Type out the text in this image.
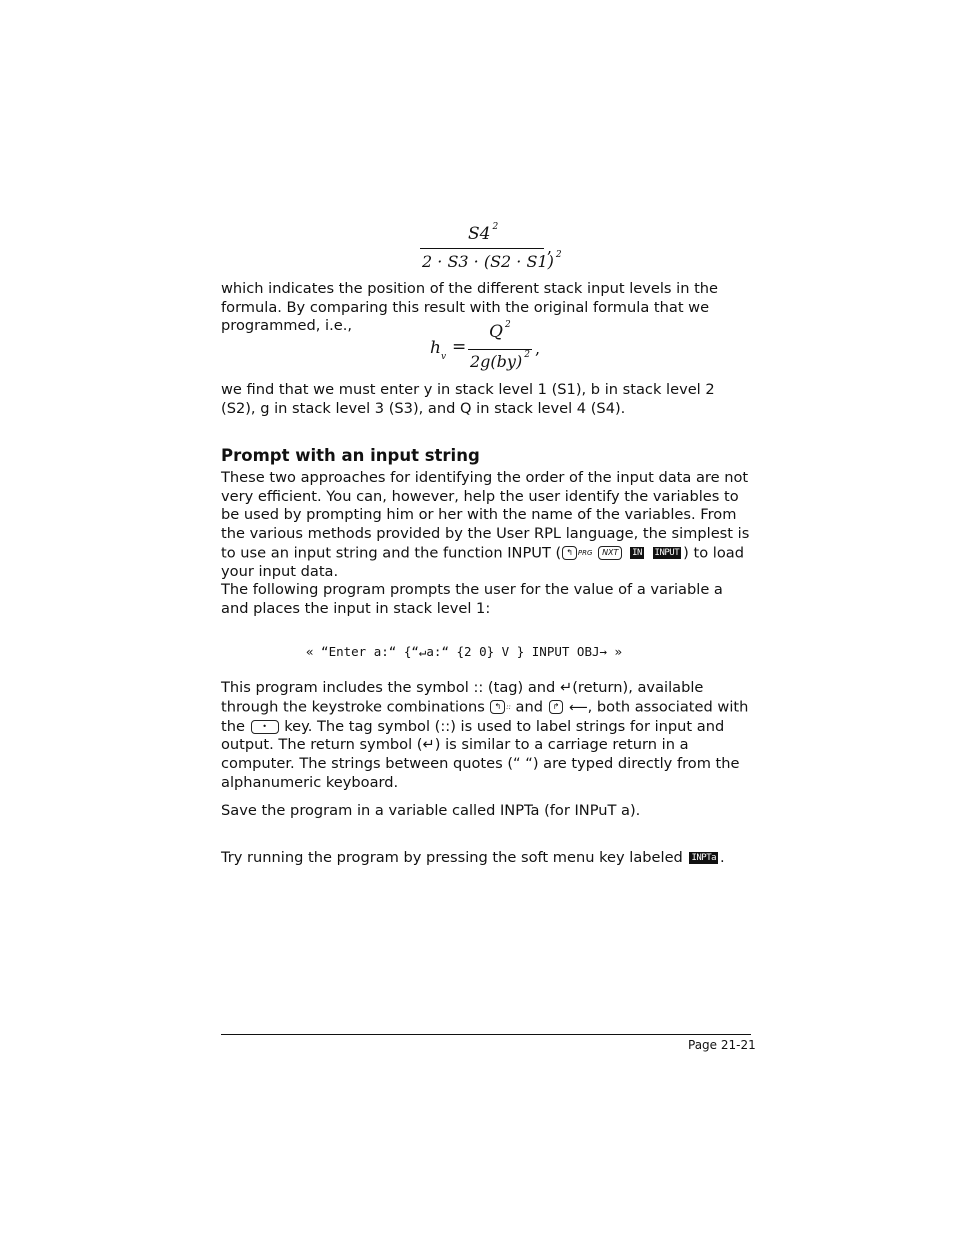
S4 $^2$
2 · S3 · (S2 · S1) $^2$
,
which indicates the position of the different stack input levels in the formula. By comparing this result with the original formula that we programmed, i.e.,
$h_v$
=
Q $^2$
2g(by) $^2$ ,
we find that we must enter y in stack level 1 (S1), b in stack level 2 (S2), g in stack level 3 (S3), and Q in stack level 4 (S4).
Prompt with an input string
These two approaches for identifying the order of the input data are not very efficient. You can, however, help the user identify the variables to be used by prompting him or her with the name of the variables. From the various methods provided by the User RPL language, the simplest is to use an input string and the function INPUT ( ↰ PRG NXT IN INPUT ) to load your input data.
The following program prompts the user for the value of a variable a and places the input in stack level 1:
« “Enter a:“ {“↵a:“ {2 0} V } INPUT OBJ→ »
This program includes the symbol :: (tag) and ↵(return), available through the keystroke combinations ↰ :: and ↱ ⟵, both associated with the • key. The tag symbol (::) is used to label strings for input and output. The return symbol (↵) is similar to a carriage return in a computer. The strings between quotes (“ “) are typed directly from the alphanumeric keyboard.
Save the program in a variable called INPTa (for INPuT a).
Try running the program by pressing the soft menu key labeled INPTa .
Page 21-21
